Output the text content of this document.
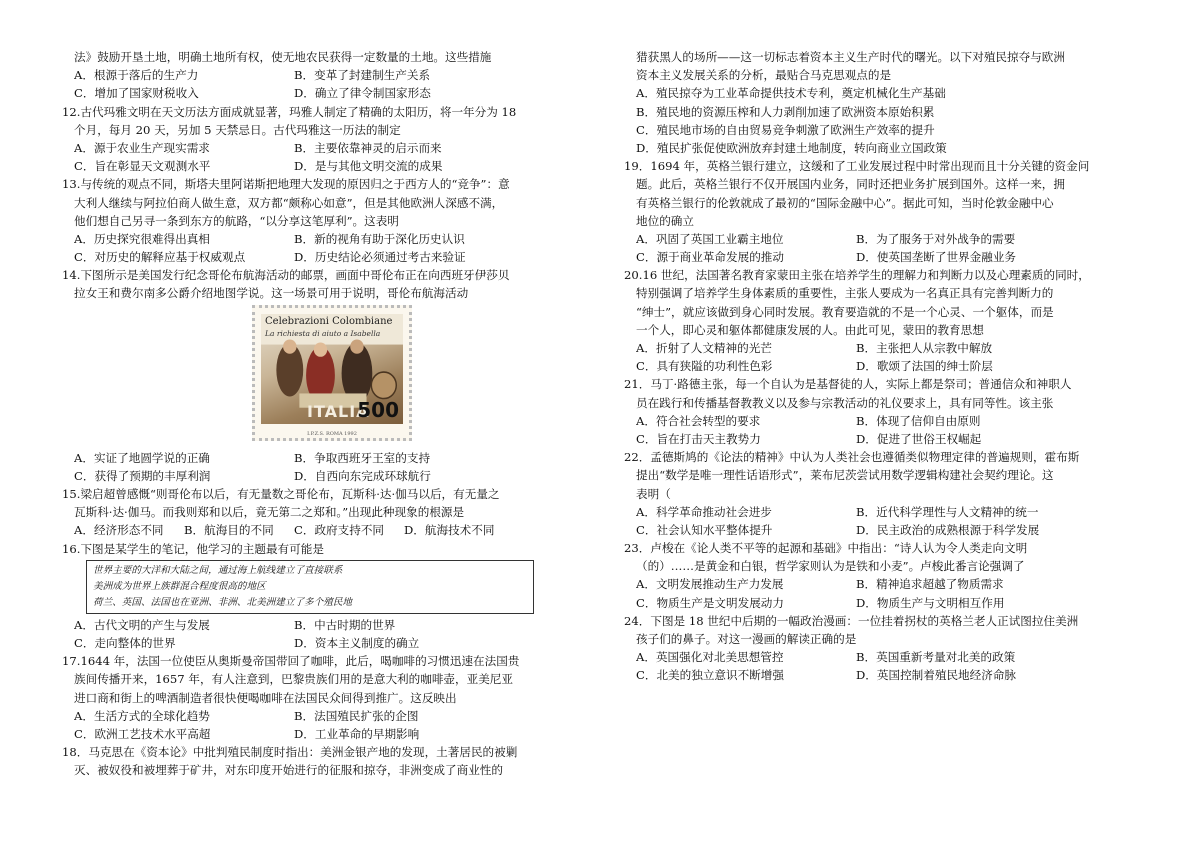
法》鼓励开垦土地，明确土地所有权，使无地农民获得一定数量的土地。这些措施
A．根源于落后的生产力	B．变革了封建制生产关系
C．增加了国家财税收入	D．确立了律令制国家形态
12.古代玛雅文明在天文历法方面成就显著，玛雅人制定了精确的太阳历，将一年分为 18
个月，每月 20 天，另加 5 天禁忌日。古代玛雅这一历法的制定
A．源于农业生产现实需求	B．主要依靠神灵的启示而来
C．旨在彰显天文观测水平	D．是与其他文明交流的成果
13.与传统的观点不同，斯塔夫里阿诺斯把地理大发现的原因归之于西方人的“竞争”：意
大利人继续与阿拉伯商人做生意，双方都“颇称心如意”，但是其他欧洲人深感不满，
他们想自己另寻一条到东方的航路，“以分享这笔厚利”。这表明
A．历史探究很难得出真相	B．新的视角有助于深化历史认识
C．对历史的解释应基于权威观点	D．历史结论必须通过考古来验证
14.下图所示是美国发行纪念哥伦布航海活动的邮票，画面中哥伦布正在向西班牙伊莎贝
拉女王和费尔南多公爵介绍地图学说。这一场景可用于说明，哥伦布航海活动
Celebrazioni Colombiane
La richiesta di aiuto a Isabella
ITALIA
500
I.P.Z.S. ROMA 1992
A．实证了地圆学说的正确	B．争取西班牙王室的支持
C．获得了预期的丰厚利润	D．自西向东完成环球航行
15.梁启超曾感慨“则哥伦布以后，有无量数之哥伦布，瓦斯科·达·伽马以后，有无量之
瓦斯科·达·伽马。而我则郑和以后，竟无第二之郑和。”出现此种现象的根源是
A．经济形态不同	B．航海目的不同	C．政府支持不同	D．航海技术不同
16.下图是某学生的笔记，他学习的主题最有可能是
世界主要的大洋和大陆之间，通过海上航线建立了直接联系
美洲成为世界上族群混合程度很高的地区
荷兰、英国、法国也在亚洲、非洲、北美洲建立了多个殖民地
A．古代文明的产生与发展	B．中古时期的世界
C．走向整体的世界	D．资本主义制度的确立
17.1644 年，法国一位使臣从奥斯曼帝国带回了咖啡，此后，喝咖啡的习惯迅速在法国贵
族间传播开来，1657 年，有人注意到，巴黎贵族们用的是意大利的咖啡壶，亚美尼亚
进口商和街上的啤酒制造者很快便喝咖啡在法国民众间得到推广。这反映出
A．生活方式的全球化趋势	B．法国殖民扩张的企图
C．欧洲工艺技术水平高超	D．工业革命的早期影响
18．马克思在《资本论》中批判殖民制度时指出：美洲金银产地的发现，土著居民的被剿
灭、被奴役和被埋葬于矿井，对东印度开始进行的征服和掠夺，非洲变成了商业性的
猎获黑人的场所——这一切标志着资本主义生产时代的曙光。以下对殖民掠夺与欧洲
资本主义发展关系的分析，最贴合马克思观点的是
A．殖民掠夺为工业革命提供技术专利，奠定机械化生产基础
B．殖民地的资源压榨和人力剥削加速了欧洲资本原始积累
C．殖民地市场的自由贸易竞争刺激了欧洲生产效率的提升
D．殖民扩张促使欧洲放弃封建土地制度，转向商业立国政策
19．1694 年，英格兰银行建立，这缓和了工业发展过程中时常出现而且十分关键的资金问
题。此后，英格兰银行不仅开展国内业务，同时还把业务扩展到国外。这样一来，拥
有英格兰银行的伦敦就成了最初的“国际金融中心”。据此可知，当时伦敦金融中心
地位的确立
A．巩固了英国工业霸主地位	B．为了服务于对外战争的需要
C．源于商业革命发展的推动	D．使英国垄断了世界金融业务
20.16 世纪，法国著名教育家蒙田主张在培养学生的理解力和判断力以及心理素质的同时，
特别强调了培养学生身体素质的重要性，主张人要成为一名真正具有完善判断力的
“绅士”，就应该做到身心同时发展。教育要造就的不是一个心灵、一个躯体，而是
一个人，即心灵和躯体都健康发展的人。由此可见，蒙田的教育思想
A．折射了人文精神的光芒	B．主张把人从宗教中解放
C．具有狭隘的功利性色彩	D．歌颂了法国的绅士阶层
21．马丁·路德主张，每一个自认为是基督徒的人，实际上都是祭司；普通信众和神职人
员在践行和传播基督教教义以及参与宗教活动的礼仪要求上，具有同等性。该主张
A．符合社会转型的要求	B．体现了信仰自由原则
C．旨在打击天主教势力	D．促进了世俗王权崛起
22．孟德斯鸠的《论法的精神》中认为人类社会也遵循类似物理定律的普遍规则，霍布斯
提出“数学是唯一理性话语形式”，莱布尼茨尝试用数学逻辑构建社会契约理论。这
表明（
A．科学革命推动社会进步	B．近代科学理性与人文精神的统一
C．社会认知水平整体提升	D．民主政治的成熟根源于科学发展
23．卢梭在《论人类不平等的起源和基础》中指出：“诗人认为令人类走向文明
（的）……是黄金和白银，哲学家则认为是铁和小麦”。卢梭此番言论强调了
A．文明发展推动生产力发展	B．精神追求超越了物质需求
C．物质生产是文明发展动力	D．物质生产与文明相互作用
24．下图是 18 世纪中后期的一幅政治漫画：一位挂着拐杖的英格兰老人正试图拉住美洲
孩子们的鼻子。对这一漫画的解读正确的是
A．英国强化对北美思想管控	B．英国重新考量对北美的政策
C．北美的独立意识不断增强	D．英国控制着殖民地经济命脉
